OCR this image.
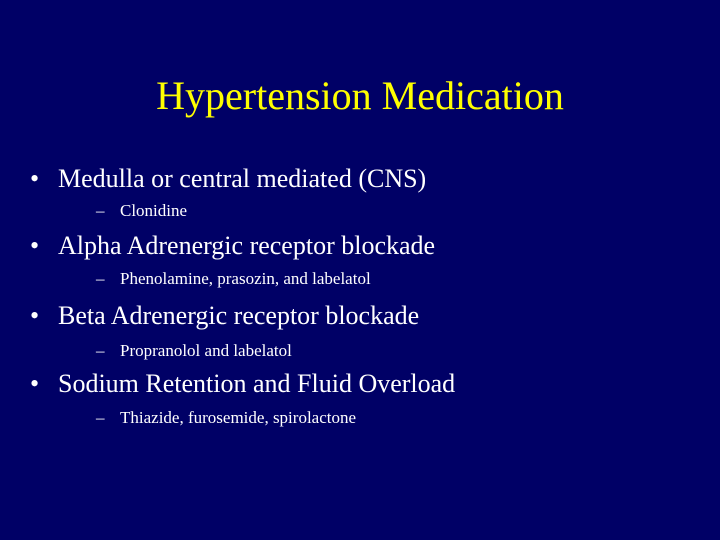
Hypertension Medication
• Medulla or central mediated (CNS)
– Clonidine
• Alpha Adrenergic receptor blockade
– Phenolamine, prasozin, and labelatol
• Beta Adrenergic receptor blockade
– Propranolol and labelatol
• Sodium Retention and Fluid Overload
– Thiazide, furosemide, spirolactone
